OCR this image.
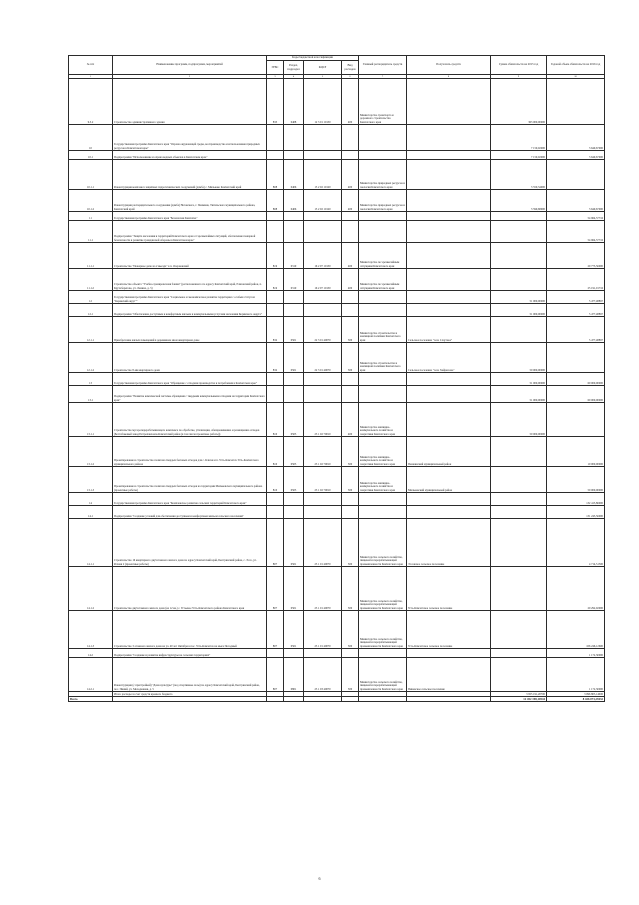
№ п/п	Наименование программ, подпрограмм, мероприятий	Коды бюджетной классификации				Главный распорядитель средств	Получатель средств	Сумма обязательств на 2015 год	Годовой объем обязательств на 2016 год
		ГРБС	Раздел, подраздел	КЦСР	Вид расходов				
1	2	3	4	5	6	7	8	9	10
9.3.2	Строительство административного здания	833	0408	12 3 01 10130	400	Министерство транспорта и дорожного строительства Камчатского края		363 000,00000	
10	Государственная программа Камчатского края "Охрана окружающей среды, воспроизводство и использование природных ресурсов в Камчатском крае"							7 150,02000	3 649,67000
10.1	Подпрограмма "Использование и охрана водных объектов в Камчатском крае"							7 150,02000	3 649,67000
10.1.1	Реконструкция комплекса защитных гидротехнических сооружений (дамба) с. Мильково Камчатский край	808	0406	15 2 02 10120	400	Министерство природных ресурсов и экологии Камчатского края		3 550,34000	
10.1.2	Реконструкция распорядительного сооружения (дамба) Ноговского, г. Пенжина, Тигильского муниципального района, Камчатский край	808	0406	15 2 02 10120	400	Министерство природных ресурсов и экологии Камчатского края		3 599,68000	3 649,67000
11	Государственная программа Камчатского края "Безопасная Камчатка"								54 964,57716
11.1	Подпрограмма "Защита населения и территорий Камчатского края от чрезвычайных ситуаций, обеспечение пожарной безопасности и развитие гражданской обороны в Камчатском крае"								54 964,57716
11.1.1	Строительство "Пожарное депо на 2 выезда" в п. Озерновский	819	0310	16 2 07 10130	400	Министерство по чрезвычайным ситуациям Камчатского края			29 773,56000
11.1.2	Строительство объекта "Учебно-тренировочная башня" (расположенного по адресу Камчатский край, Елизовский район, п. Крутоберегово, ул. Ленина, д. 5)	819	0310	16 2 07 10130	400	Министерство по чрезвычайным ситуациям Камчатского края			25 191,01716
12	Государственная программа Камчатского края "Социальное и экономическое развитие территории с особым статусом "Корякский округ""							51 000,00000	5 477,48897
12.1	Подпрограмма "Обеспечение доступным и комфортным жильем и коммунальными услугами населения Корякского округа"							51 000,00000	5 477,48897
12.1.1	Приобретение жилых помещений в деревянном многоквартирном доме	832	0501	22 3 01 40070	500	Министерство строительства и жилищной политики Камчатского края	Сельское поселение "село Слаутное"		5 477,48897
12.1.2	Строительство 8-ми квартирного дома	832	0501	22 3 01 40070	500	Министерство строительства и жилищной политики Камчатского края	Сельское поселение "село Хайрюзово"	50 000,00000	
13	Государственная программа Камчатского края "Обращение с отходами производства и потребления в Камчатском крае"							51 000,00000	60 000,00000
13.1	Подпрограмма "Развитие комплексной системы обращения с твердыми коммунальными отходами на территории Камчатского края"							51 000,00000	60 000,00000
13.1.1	Строительство мусороперерабатывающего комплекса по обработке, утилизации, обезвреживанию и размещению отходов (Бестобаковый завод Петропавловск-Камчатский район (в том числе проектные работы))	810	0505	23 1 02 70010	400	Министерство жилищно-коммунального хозяйства и энергетики Камчатского края		50 000,00000	
13.1.2	Проектирование и строительство полигона твердых бытовых отходов для с. Ключи и п. Усть-Камчатск Усть-Камчатского муниципального района	810	0505	23 1 02 70010	500	Министерство жилищно-коммунального хозяйства и энергетики Камчатского края	Пенжинский муниципальный район		10 000,00000
13.1.3	Проектирование и строительство полигона твердых бытовых отходов на территории Мильковского муниципального района (проектные работы)	810	0505	23 1 02 70010	500	Министерство жилищно-коммунального хозяйства и энергетики Камчатского края	Мильковский муниципальный район		50 000,00000
14	Государственная программа Камчатского края "Комплексное развитие сельских территорий Камчатского края"								132 415,86000
14.1	Подпрограмма "Создание условий для обеспечения доступным и комфортным жильем сельского населения"								131 243,56000
14.1.1	Строительство 16 квартирного двухэтажного жилого дома по адресу Камчатский край, Быстринский район, с. Эссо, ул. Речная 2 (проектные работы)	807	0501	25 1 01 40070	500	Министерство сельского хозяйства, пищевой и перерабатывающей промышленности Камчатского края	Эссовское сельское поселение		4 714,51500
14.1.2	Строительство двухэтажного жилого дома (на 12 кв.) с. Устьевое Усть-Камчатского района Камчатского края	807	0501	25 1 01 40070	500	Министерство сельского хозяйства, пищевой и перерабатывающей промышленности Камчатского края	Усть-Камчатское сельское поселение		20 292,92000
14.1.3	Строительство 3-этажного жилого дома на ул. 40 лет Октября в пос. Усть-Камчатск на мысе Погодный	807	0501	25 1 01 40070	500	Министерство сельского хозяйства, пищевой и перерабатывающей промышленности Камчатского края	Усть-Камчатское сельское поселение		106 246,12600
14.2	Подпрограмма "Создание и развитие инфраструктуры на сельских территориях"								1 172,30000
14.2.1	Реконструкция (с пристройкой) "Дома культуры" (под спортивные залы) по адресу Камчатский край, Быстринский район, пос. Пиний, ул. Молодежная, д. 5	807	0801	25 1 03 40070	500	Министерство сельского хозяйства, пищевой и перерабатывающей промышленности Камчатского края	Пиневское сельское поселение		1 172,30000
	Итого расходы за счет средств краевого бюджета							3 955 191,20700	3 096 803,14000
Всего								12 452 198,10544	8 426 073,29432
6
